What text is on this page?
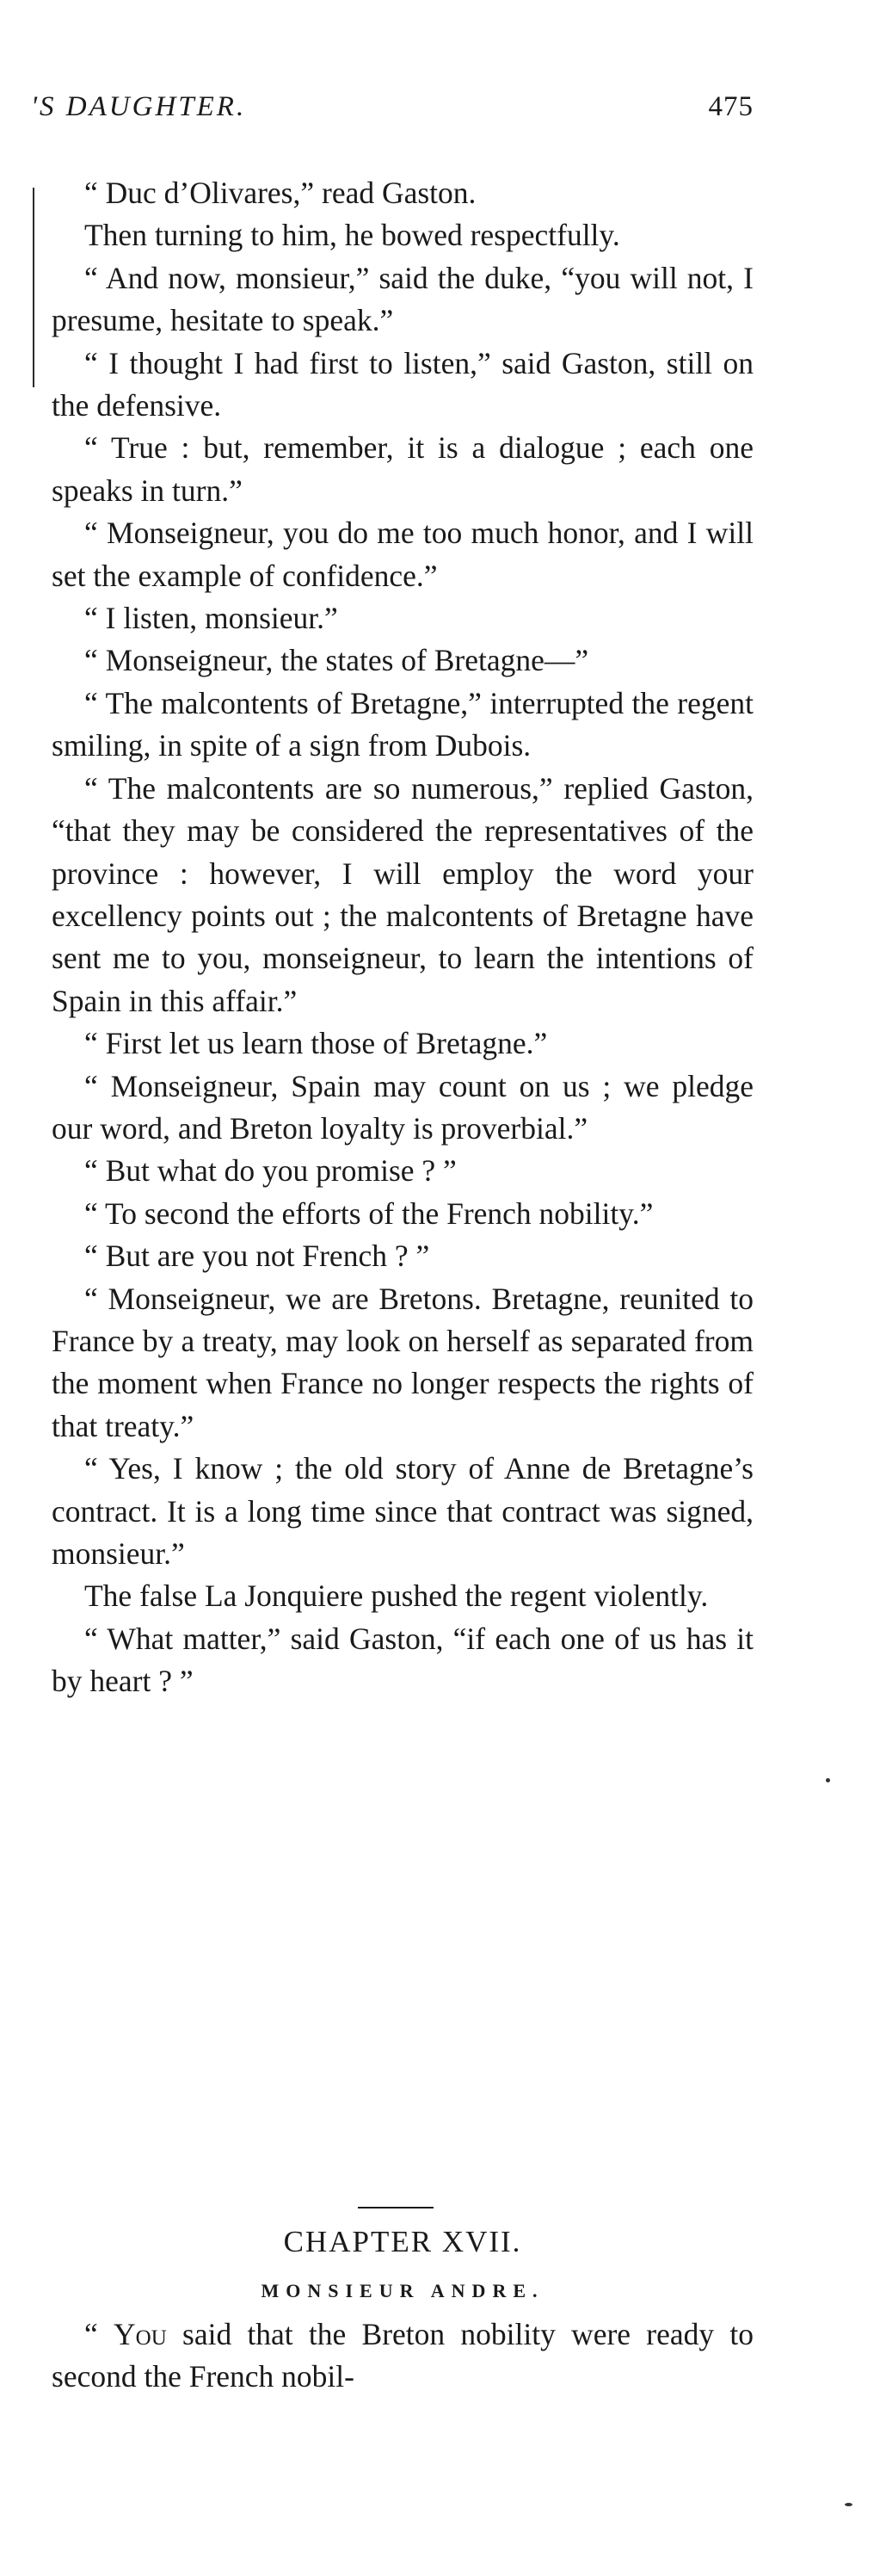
'S DAUGHTER.	475

“ Duc d’Olivares,” read Gaston.

Then turning to him, he bowed respectfully.

“ And now, monsieur,” said the duke, “you will not, I presume, hesitate to speak.”

“ I thought I had first to listen,” said Gaston, still on the defensive.

“ True : but, remember, it is a dialogue ; each one speaks in turn.”

“ Monseigneur, you do me too much honor, and I will set the example of confidence.”

“ I listen, monsieur.”

“ Monseigneur, the states of Bretagne—”

“ The malcontents of Bretagne,” interrupted the regent smiling, in spite of a sign from Dubois.

“ The malcontents are so numerous,” replied Gaston, “that they may be considered the representatives of the province : however, I will employ the word your excellency points out ; the malcontents of Bretagne have sent me to you, monseigneur, to learn the intentions of Spain in this affair.”

“ First let us learn those of Bretagne.”

“ Monseigneur, Spain may count on us ; we pledge our word, and Breton loyalty is proverbial.”

“ But what do you promise ? ”

“ To second the efforts of the French nobility.”

“ But are you not French ? ”

“ Monseigneur, we are Bretons. Bretagne, reunited to France by a treaty, may look on herself as separated from the moment when France no longer respects the rights of that treaty.”

“ Yes, I know ; the old story of Anne de Bretagne’s contract. It is a long time since that contract was signed, monsieur.”

The false La Jonquiere pushed the regent violently.

“ What matter,” said Gaston, “if each one of us has it by heart ? ”

CHAPTER XVII.
MONSIEUR ANDRE.

“ You said that the Breton nobility were ready to second the French nobil-
